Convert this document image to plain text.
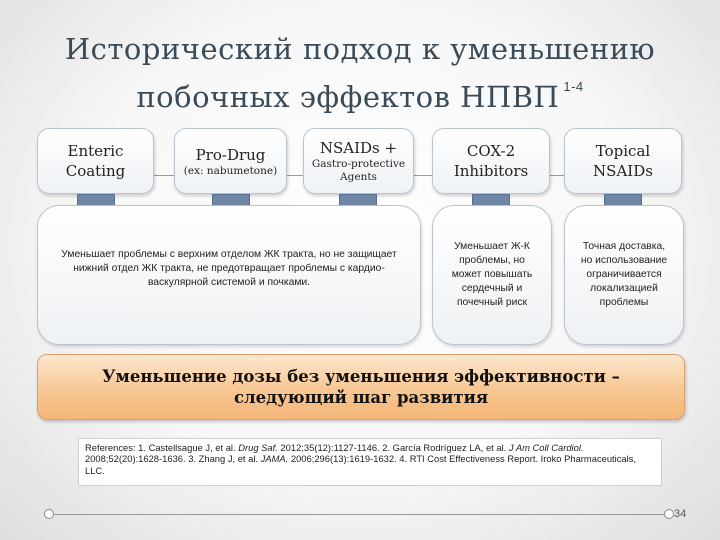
Исторический подход к уменьшению
побочных эффектов НПВП $^{1-4}$
Enteric Coating
Pro-Drug
(ex: nabumetone)
NSAIDs +
Gastro-protective Agents
COX-2 Inhibitors
Topical NSAIDs
Уменьшает проблемы с верхним отделом ЖК тракта, но не защищает нижний отдел ЖК тракта, не предотвращает проблемы с кардио-васкулярной системой и почками.
Уменьшает Ж-К проблемы, но может повышать сердечный и почечный риск
Точная доставка, но использование ограничивается локализацией проблемы
Уменьшение дозы без уменьшения эффективности – следующий шаг развития
References: 1. Castellsague J, et al. Drug Saf. 2012;35(12):1127-1146. 2. García Rodríguez LA, et al. J Am Coll Cardiol. 2008;52(20):1628-1636. 3. Zhang J, et al. JAMA. 2006;296(13):1619-1632. 4. RTI Cost Effectiveness Report. Iroko Pharmaceuticals, LLC.
34
